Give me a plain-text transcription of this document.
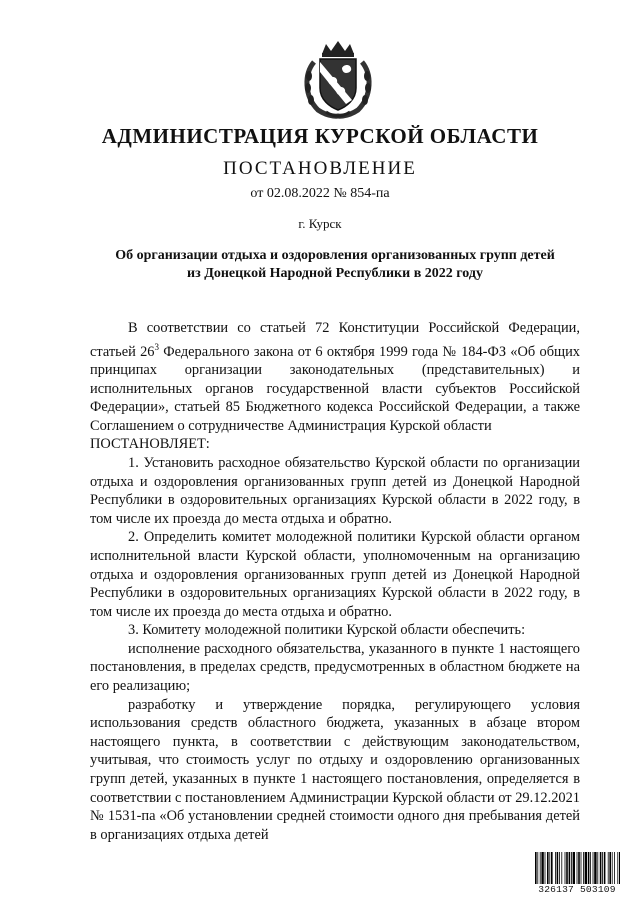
АДМИНИСТРАЦИЯ КУРСКОЙ ОБЛАСТИ
ПОСТАНОВЛЕНИЕ
от 02.08.2022 № 854-па
г. Курск
Об организации отдыха и оздоровления организованных групп детей
из Донецкой Народной Республики в 2022 году

В соответствии со статьей 72 Конституции Российской Федерации, статьей $26^3$ Федерального закона от 6 октября 1999 года № 184-ФЗ «Об общих принципах организации законодательных (представительных) и исполнительных органов государственной власти субъектов Российской Федерации», статьей 85 Бюджетного кодекса Российской Федерации, а также Соглашением о сотрудничестве Администрация Курской области

ПОСТАНОВЛЯЕТ:

1. Установить расходное обязательство Курской области по организации отдыха и оздоровления организованных групп детей из Донецкой Народной Республики в оздоровительных организациях Курской области в 2022 году, в том числе их проезда до места отдыха и обратно.

2. Определить комитет молодежной политики Курской области органом исполнительной власти Курской области, уполномоченным на организацию отдыха и оздоровления организованных групп детей из Донецкой Народной Республики в оздоровительных организациях Курской области в 2022 году, в том числе их проезда до места отдыха и обратно.

3. Комитету молодежной политики Курской области обеспечить:

исполнение расходного обязательства, указанного в пункте 1 настоящего постановления, в пределах средств, предусмотренных в областном бюджете на его реализацию;

разработку и утверждение порядка, регулирующего условия использования средств областного бюджета, указанных в абзаце втором настоящего пункта, в соответствии с действующим законодательством, учитывая, что стоимость услуг по отдыху и оздоровлению организованных групп детей, указанных в пункте 1 настоящего постановления, определяется в соответствии с постановлением Администрации Курской области от 29.12.2021 № 1531-па «Об установлении средней стоимости одного дня пребывания детей в организациях отдыха детей

326137 503109
